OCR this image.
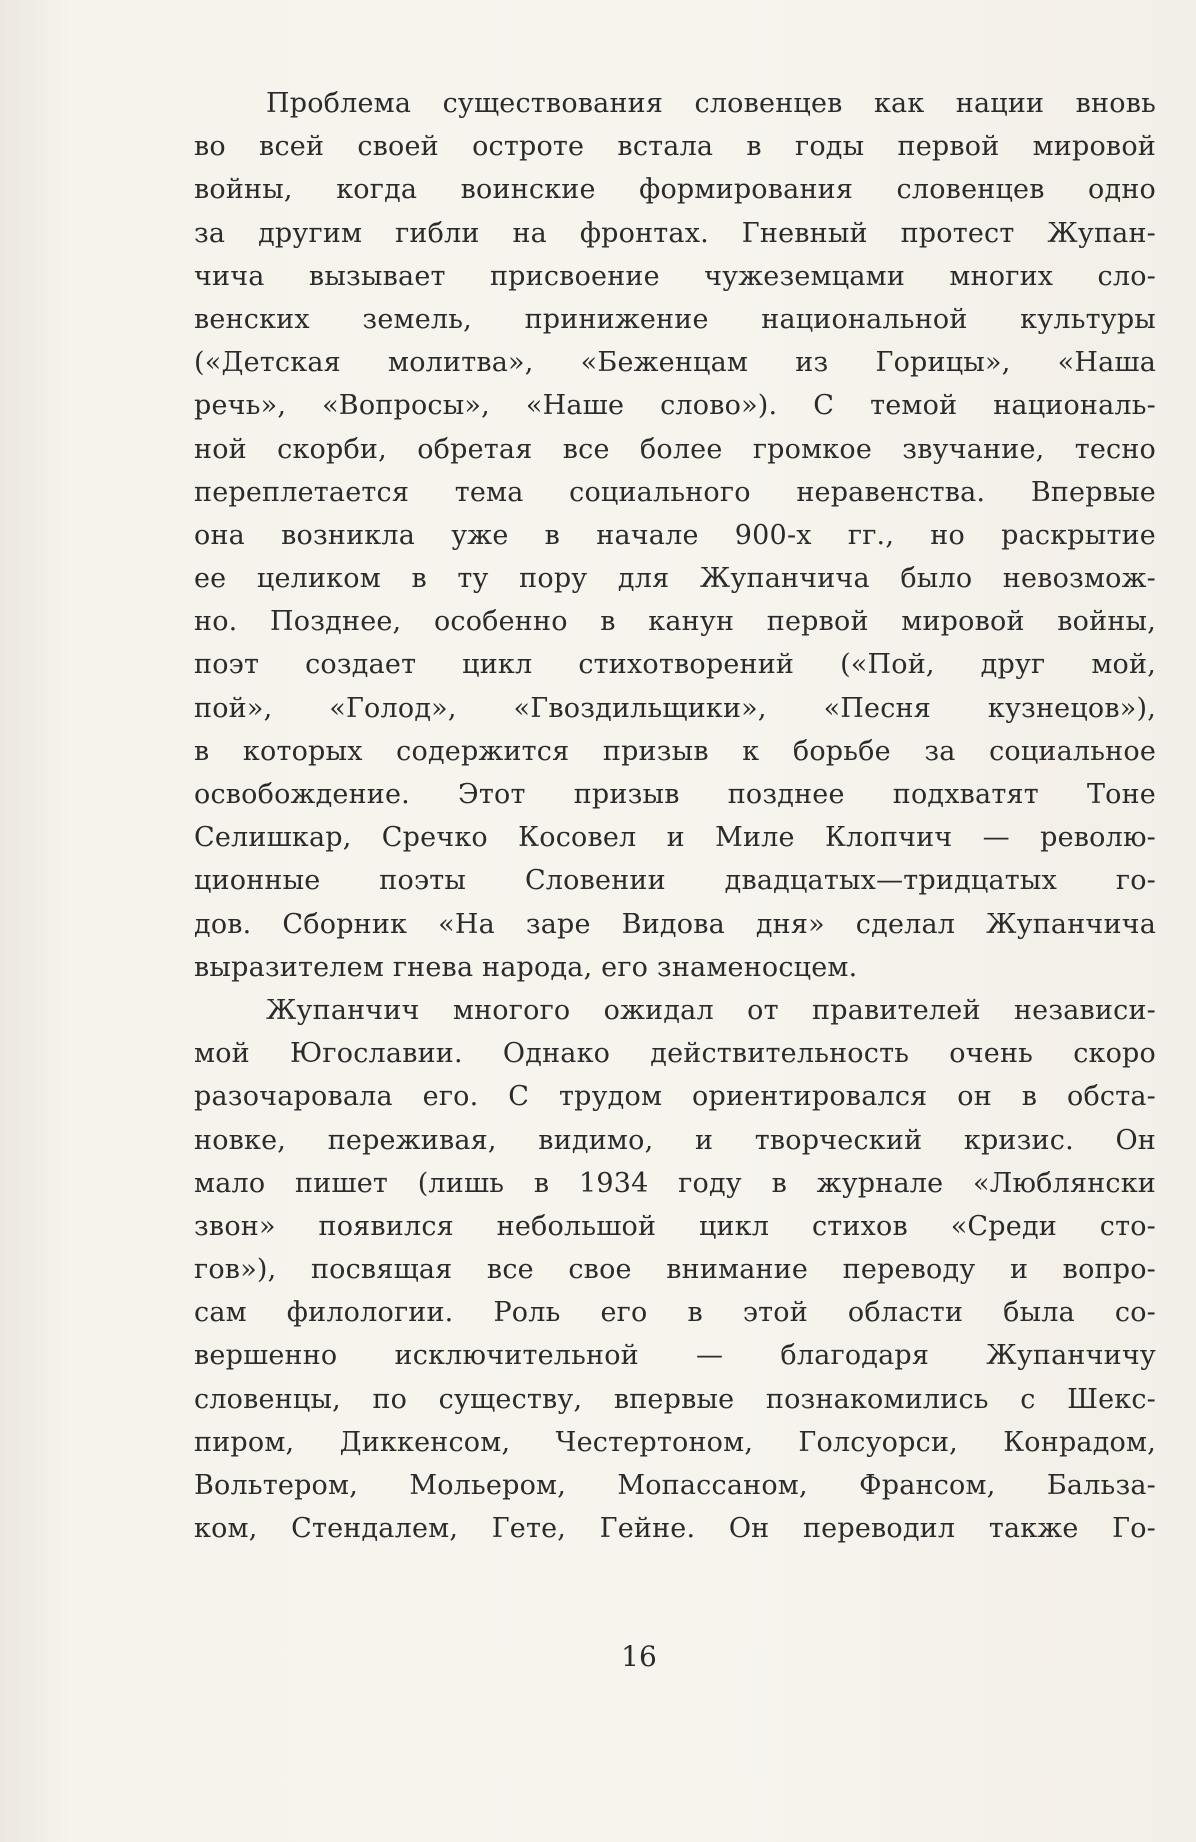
Проблема существования словенцев как нации вновь
во всей своей остроте встала в годы первой мировой
войны, когда воинские формирования словенцев одно
за другим гибли на фронтах. Гневный протест Жупан-
чича вызывает присвоение чужеземцами многих сло-
венских земель, принижение национальной культуры
(«Детская молитва», «Беженцам из Горицы», «Наша
речь», «Вопросы», «Наше слово»). С темой националь-
ной скорби, обретая все более громкое звучание, тесно
переплетается тема социального неравенства. Впервые
она возникла уже в начале 900-х гг., но раскрытие
ее целиком в ту пору для Жупанчича было невозмож-
но. Позднее, особенно в канун первой мировой войны,
поэт создает цикл стихотворений («Пой, друг мой,
пой», «Голод», «Гвоздильщики», «Песня кузнецов»),
в которых содержится призыв к борьбе за социальное
освобождение. Этот призыв позднее подхватят Тоне
Селишкар, Сречко Косовел и Миле Клопчич — револю-
ционные поэты Словении двадцатых—тридцатых го-
дов. Сборник «На заре Видова дня» сделал Жупанчича
выразителем гнева народа, его знаменосцем.
Жупанчич многого ожидал от правителей независи-
мой Югославии. Однако действительность очень скоро
разочаровала его. С трудом ориентировался он в обста-
новке, переживая, видимо, и творческий кризис. Он
мало пишет (лишь в 1934 году в журнале «Люблянски
звон» появился небольшой цикл стихов «Среди сто-
гов»), посвящая все свое внимание переводу и вопро-
сам филологии. Роль его в этой области была со-
вершенно исключительной — благодаря Жупанчичу
словенцы, по существу, впервые познакомились с Шекс-
пиром, Диккенсом, Честертоном, Голсуорси, Конрадом,
Вольтером, Мольером, Мопассаном, Франсом, Бальза-
ком, Стендалем, Гете, Гейне. Он переводил также Го-
16
